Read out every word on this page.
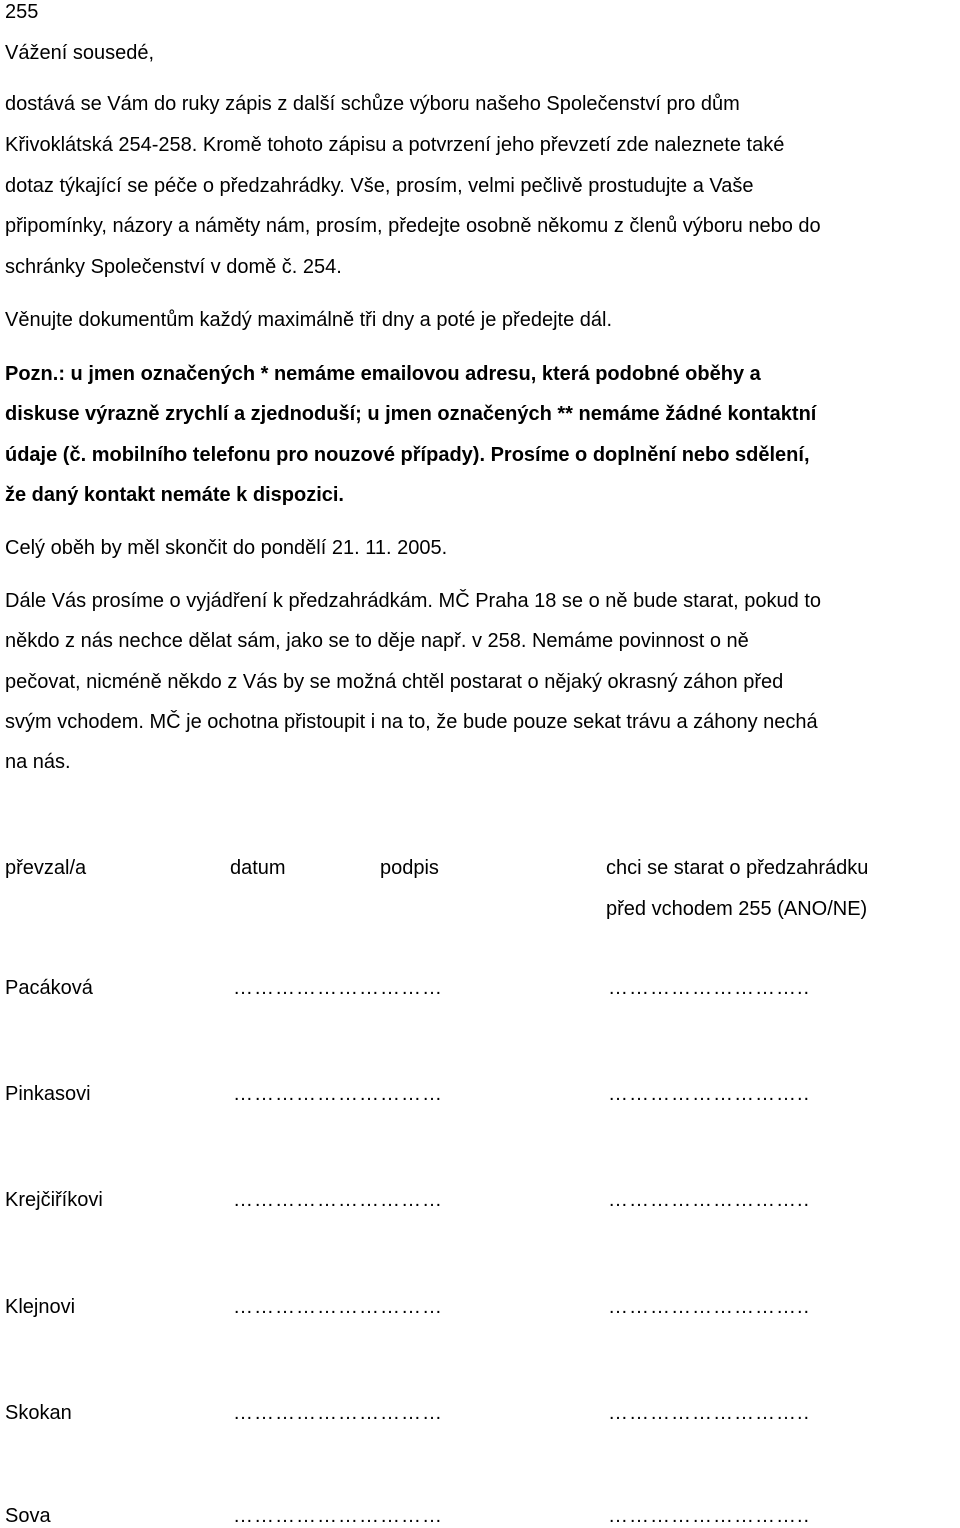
255
Vážení sousedé,
dostává se Vám do ruky zápis z další schůze výboru našeho Společenství pro dům
Křivoklátská 254-258. Kromě tohoto zápisu a potvrzení jeho převzetí zde naleznete také
dotaz týkající se péče o předzahrádky. Vše, prosím, velmi pečlivě prostudujte a Vaše
připomínky, názory a náměty nám, prosím, předejte osobně někomu z členů výboru nebo do
schránky Společenství v domě č. 254.
Věnujte dokumentům každý maximálně tři dny a poté je předejte dál.
Pozn.: u jmen označených * nemáme emailovou adresu, která podobné oběhy a
diskuse výrazně zrychlí a zjednoduší; u jmen označených ** nemáme žádné kontaktní
údaje (č. mobilního telefonu pro nouzové případy). Prosíme o doplnění nebo sdělení,
že daný kontakt nemáte k dispozici.
Celý oběh by měl skončit do pondělí 21. 11. 2005.
Dále Vás prosíme o vyjádření k předzahrádkám. MČ Praha 18 se o ně bude starat, pokud to
někdo z nás nechce dělat sám, jako se to děje např. v 258. Nemáme povinnost o ně
pečovat, nicméně někdo z Vás by se možná chtěl postarat o nějaký okrasný záhon před
svým vchodem. MČ je ochotna přistoupit i na to, že bude pouze sekat trávu a záhony nechá
na nás.
převzal/a	datum	podpis	chci se starat o předzahrádku
před vchodem 255 (ANO/NE)
Pacáková	…………………………	………………………..
Pinkasovi	…………………………	………………………..
Krejčiříkovi	…………………………	………………………..
Klejnovi	…………………………	………………………..
Skokan	…………………………	………………………..
Sova	…………………………	………………………..
